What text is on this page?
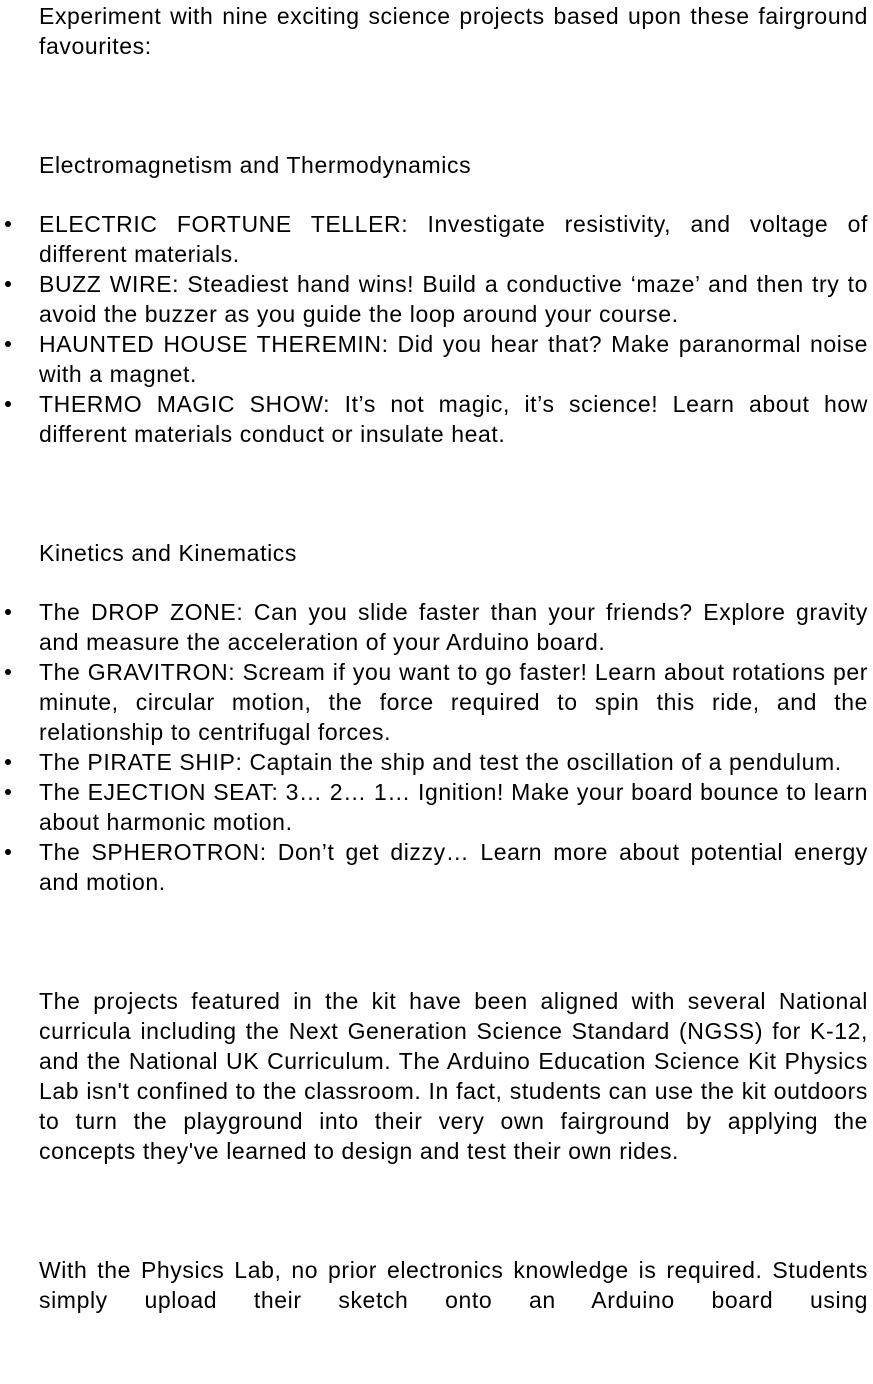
Experiment with nine exciting science projects based upon these fairground favourites:

Electromagnetism and Thermodynamics

ELECTRIC FORTUNE TELLER: Investigate resistivity, and voltage of different materials.
BUZZ WIRE: Steadiest hand wins! Build a conductive ‘maze’ and then try to avoid the buzzer as you guide the loop around your course.
HAUNTED HOUSE THEREMIN: Did you hear that? Make paranormal noise with a magnet.
THERMO MAGIC SHOW: It’s not magic, it’s science! Learn about how different materials conduct or insulate heat.

Kinetics and Kinematics

The DROP ZONE: Can you slide faster than your friends? Explore gravity and measure the acceleration of your Arduino board.
The GRAVITRON: Scream if you want to go faster! Learn about rotations per minute, circular motion, the force required to spin this ride, and the relationship to centrifugal forces.
The PIRATE SHIP: Captain the ship and test the oscillation of a pendulum.
The EJECTION SEAT: 3… 2… 1… Ignition! Make your board bounce to learn about harmonic motion.
The SPHEROTRON: Don’t get dizzy… Learn more about potential energy and motion.

The projects featured in the kit have been aligned with several National curricula including the Next Generation Science Standard (NGSS) for K-12, and the National UK Curriculum. The Arduino Education Science Kit Physics Lab isn't confined to the classroom. In fact, students can use the kit outdoors to turn the playground into their very own fairground by applying the concepts they've learned to design and test their own rides.

With the Physics Lab, no prior electronics knowledge is required. Students simply upload their sketch onto an Arduino board using
